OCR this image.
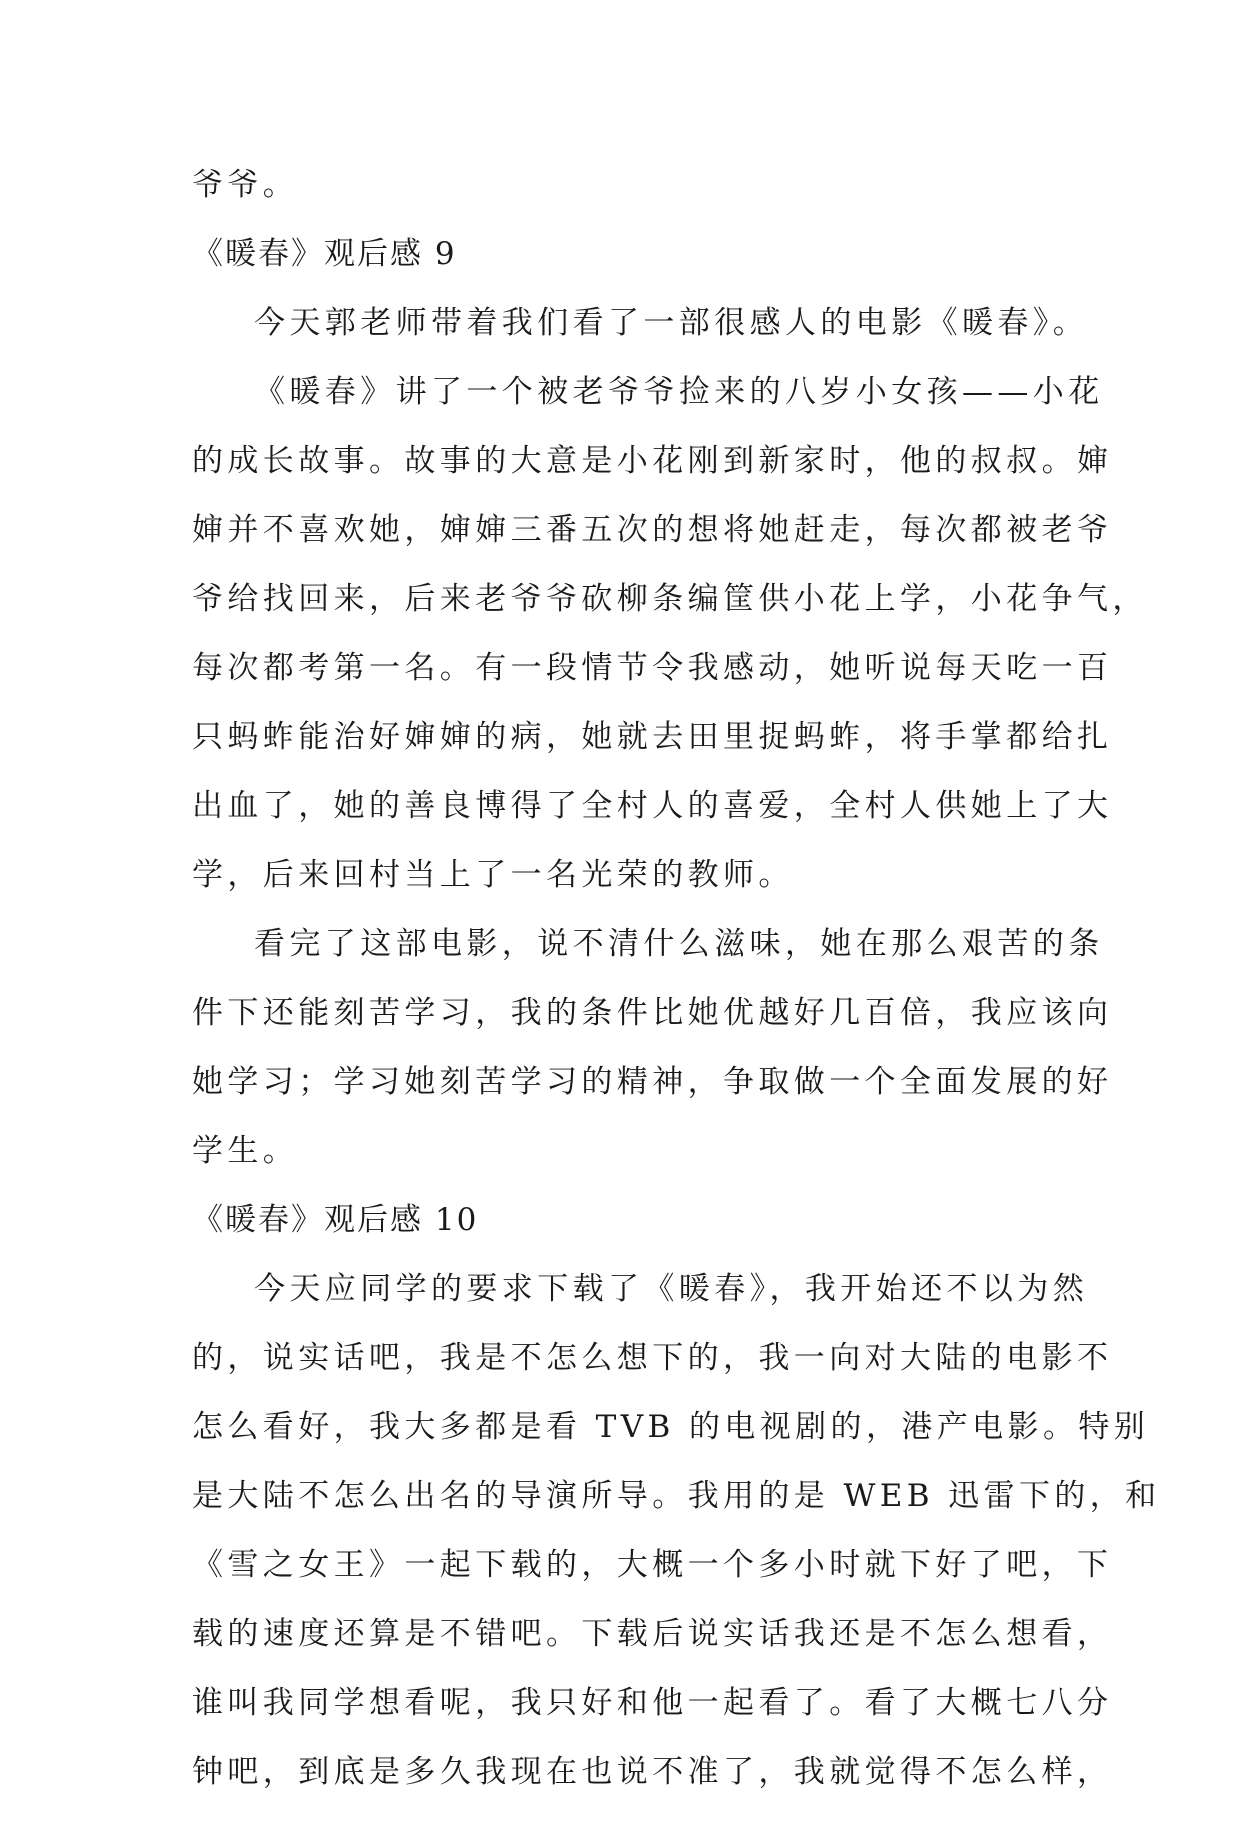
爷爷。
《暖春》观后感 9
今天郭老师带着我们看了一部很感人的电影《暖春》。
《暖春》讲了一个被老爷爷捡来的八岁小女孩——小花
的成长故事。故事的大意是小花刚到新家时，他的叔叔。婶
婶并不喜欢她，婶婶三番五次的想将她赶走，每次都被老爷
爷给找回来，后来老爷爷砍柳条编筐供小花上学，小花争气，
每次都考第一名。有一段情节令我感动，她听说每天吃一百
只蚂蚱能治好婶婶的病，她就去田里捉蚂蚱，将手掌都给扎
出血了，她的善良博得了全村人的喜爱，全村人供她上了大
学，后来回村当上了一名光荣的教师。
看完了这部电影，说不清什么滋味，她在那么艰苦的条
件下还能刻苦学习，我的条件比她优越好几百倍，我应该向
她学习；学习她刻苦学习的精神，争取做一个全面发展的好
学生。
《暖春》观后感 10
今天应同学的要求下载了《暖春》，我开始还不以为然
的，说实话吧，我是不怎么想下的，我一向对大陆的电影不
怎么看好，我大多都是看 TVB 的电视剧的，港产电影。特别
是大陆不怎么出名的导演所导。我用的是 WEB 迅雷下的，和
《雪之女王》一起下载的，大概一个多小时就下好了吧，下
载的速度还算是不错吧。下载后说实话我还是不怎么想看，
谁叫我同学想看呢，我只好和他一起看了。看了大概七八分
钟吧，到底是多久我现在也说不准了，我就觉得不怎么样，
